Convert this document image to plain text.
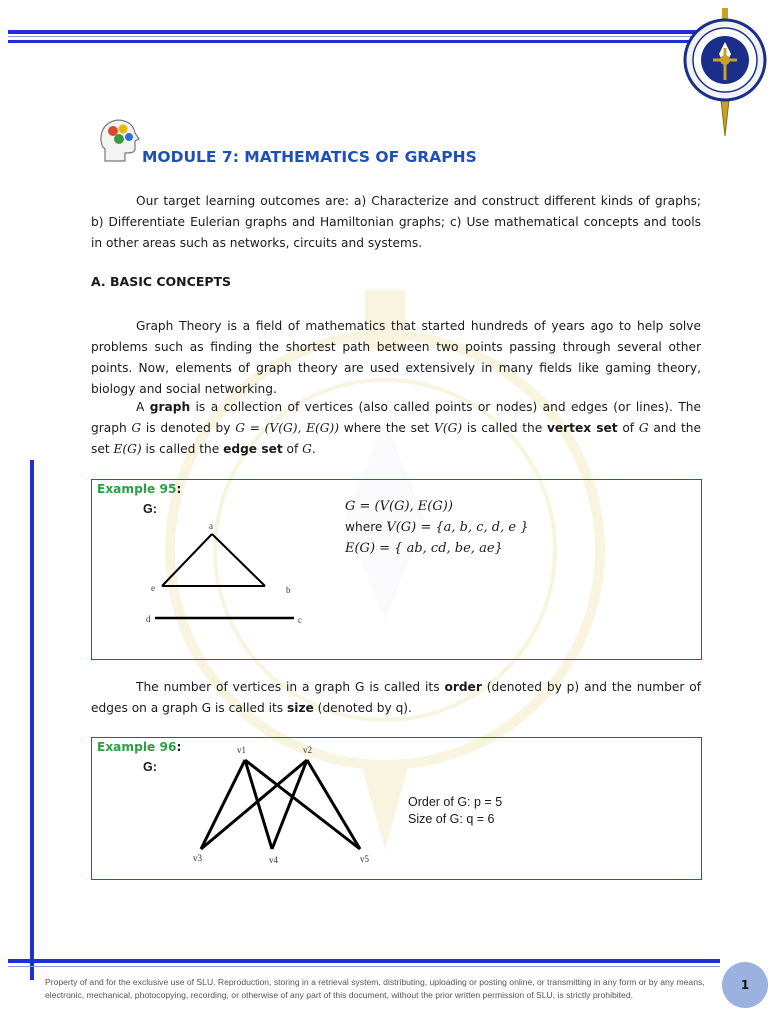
MODULE 7: MATHEMATICS OF GRAPHS
Our target learning outcomes are: a) Characterize and construct different kinds of graphs; b) Differentiate Eulerian graphs and Hamiltonian graphs; c) Use mathematical concepts and tools in other areas such as networks, circuits and systems.
A. BASIC CONCEPTS
Graph Theory is a field of mathematics that started hundreds of years ago to help solve problems such as finding the shortest path between two points passing through several other points. Now, elements of graph theory are used extensively in many fields like gaming theory, biology and social networking.
A graph is a collection of vertices (also called points or nodes) and edges (or lines). The graph G is denoted by G = (V(G), E(G)) where the set V(G) is called the vertex set of G and the set E(G) is called the edge set of G.
Example 95:
G:
a
b
e
d	c
G = (V(G), E(G))
where V(G) = {a, b, c, d, e }
E(G) = { ab, cd, be, ae}
The number of vertices in a graph G is called its order (denoted by p) and the number of edges on a graph G is called its size (denoted by q).
Example 96:
G:
v1	v2
v3	v4	v5
Order of G: p = 5
Size of G: q = 6
Property of and for the exclusive use of SLU. Reproduction, storing in a retrieval system, distributing, uploading or posting online, or transmitting in any form or by any means, electronic, mechanical, photocopying, recording, or otherwise of any part of this document, without the prior written permission of SLU, is strictly prohibited.
1
